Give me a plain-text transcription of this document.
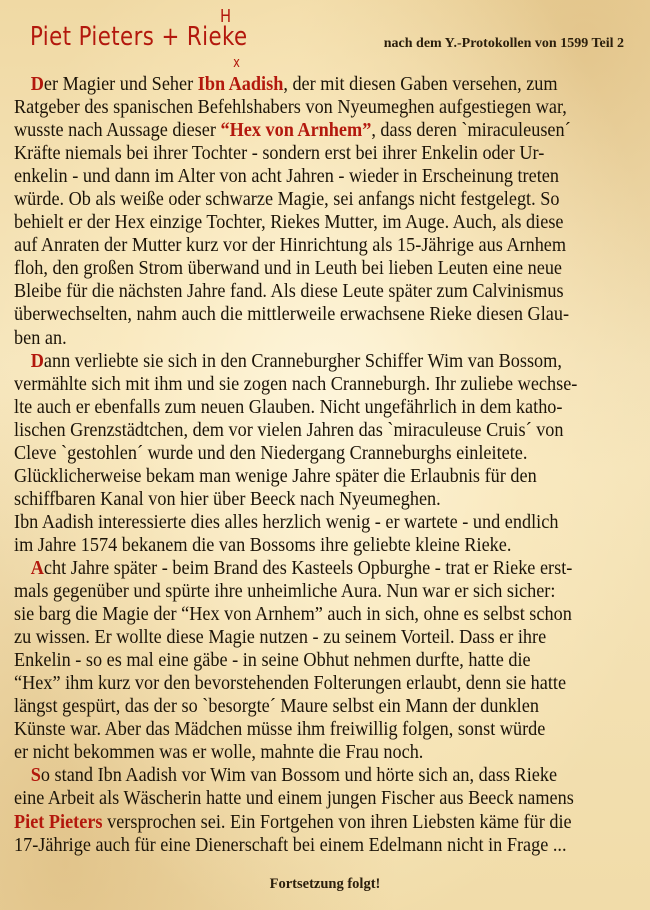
Piet Pieters + Rie
H
x
ke	nach dem Y.-Protokollen von 1599 Teil 2

Der Magier und Seher Ibn Aadish, der mit diesen Gaben versehen, zum
Ratgeber des spanischen Befehlshabers von Nyeumeghen aufgestiegen war,
wusste nach Aussage dieser “Hex von Arnhem”, dass deren `miraculeusen´
Kräfte niemals bei ihrer Tochter - sondern erst bei ihrer Enkelin oder Ur-
enkelin - und dann im Alter von acht Jahren - wieder in Erscheinung treten
würde. Ob als weiße oder schwarze Magie, sei anfangs nicht festgelegt. So
behielt er der Hex einzige Tochter, Riekes Mutter, im Auge. Auch, als diese
auf Anraten der Mutter kurz vor der Hinrichtung als 15-Jährige aus Arnhem
floh, den großen Strom überwand und in Leuth bei lieben Leuten eine neue
Bleibe für die nächsten Jahre fand. Als diese Leute später zum Calvinismus
überwechselten, nahm auch die mittlerweile erwachsene Rieke diesen Glau-
ben an.

Dann verliebte sie sich in den Cranneburgher Schiffer Wim van Bossom,
vermählte sich mit ihm und sie zogen nach Cranneburgh. Ihr zuliebe wechse-
lte auch er ebenfalls zum neuen Glauben. Nicht ungefährlich in dem katho-
lischen Grenzstädtchen, dem vor vielen Jahren das `miraculeuse Cruis´ von
Cleve `gestohlen´ wurde und den Niedergang Cranneburghs einleitete.
Glücklicherweise bekam man wenige Jahre später die Erlaubnis für den
schiffbaren Kanal von hier über Beeck nach Nyeumeghen.

Ibn Aadish interessierte dies alles herzlich wenig - er wartete - und endlich
im Jahre 1574 bekanem die van Bossoms ihre geliebte kleine Rieke.

Acht Jahre später - beim Brand des Kasteels Opburghe - trat er Rieke erst-
mals gegenüber und spürte ihre unheimliche Aura. Nun war er sich sicher:
sie barg die Magie der “Hex von Arnhem” auch in sich, ohne es selbst schon
zu wissen. Er wollte diese Magie nutzen - zu seinem Vorteil. Dass er ihre
Enkelin - so es mal eine gäbe - in seine Obhut nehmen durfte, hatte die
“Hex” ihm kurz vor den bevorstehenden Folterungen erlaubt, denn sie hatte
längst gespürt, das der so `besorgte´ Maure selbst ein Mann der dunklen
Künste war. Aber das Mädchen müsse ihm freiwillig folgen, sonst würde
er nicht bekommen was er wolle, mahnte die Frau noch.

So stand Ibn Aadish vor Wim van Bossom und hörte sich an, dass Rieke
eine Arbeit als Wäscherin hatte und einem jungen Fischer aus Beeck namens
Piet Pieters versprochen sei. Ein Fortgehen von ihren Liebsten käme für die
17-Jährige auch für eine Dienerschaft bei einem Edelmann nicht in Frage ...

Fortsetzung folgt!
